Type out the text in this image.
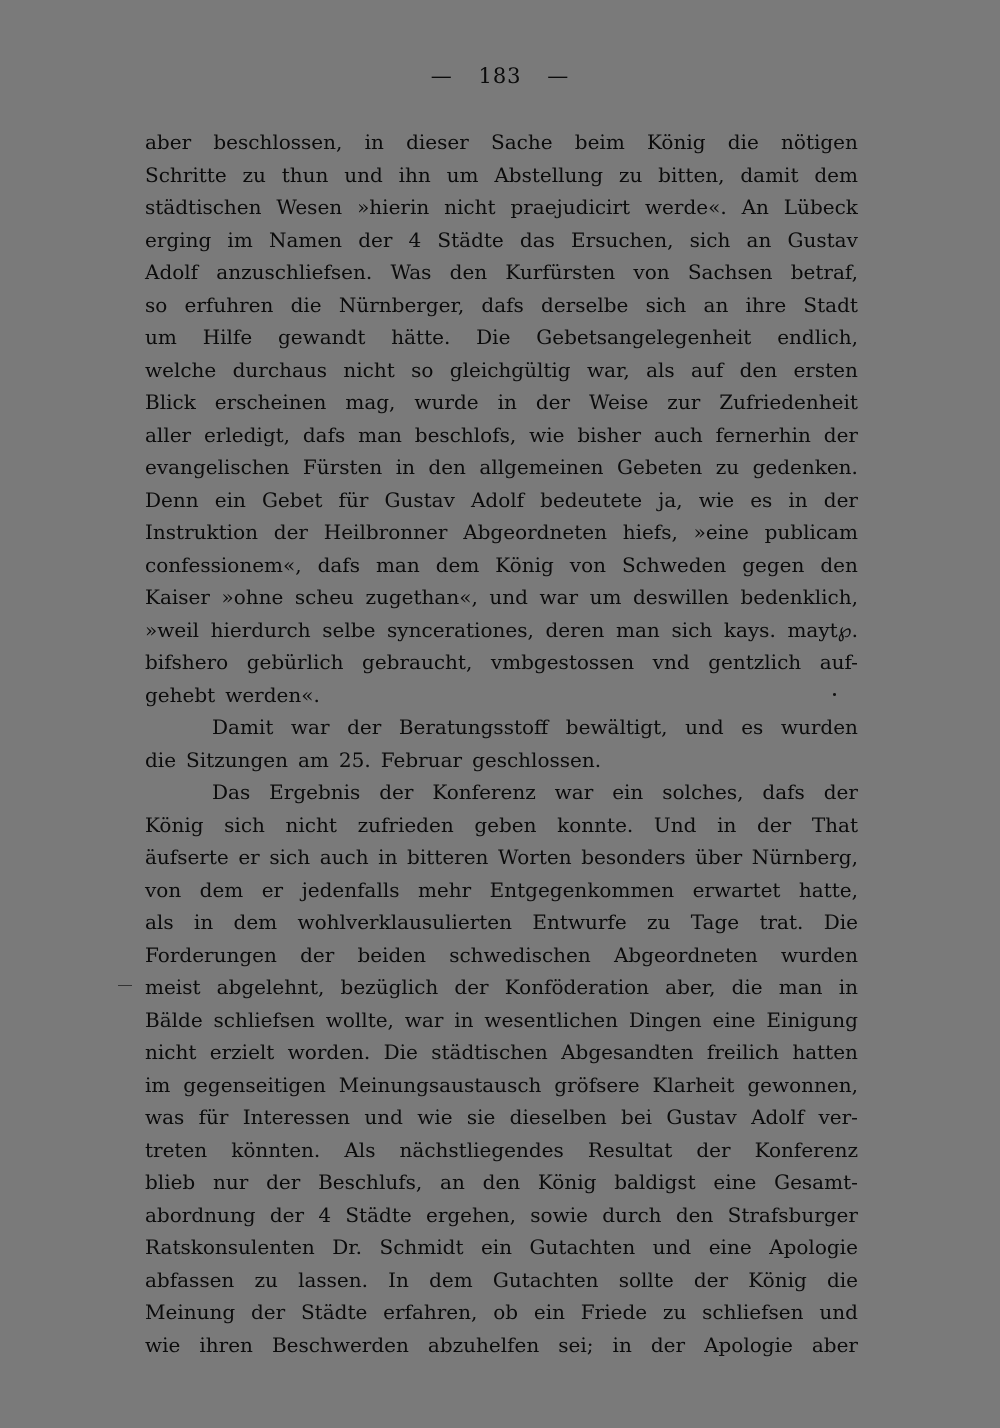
— 183 —
aber beschlossen, in dieser Sache beim König die nötigen
Schritte zu thun und ihn um Abstellung zu bitten, damit dem
städtischen Wesen »hierin nicht praejudicirt werde«. An Lübeck
erging im Namen der 4 Städte das Ersuchen, sich an Gustav
Adolf anzuschliefsen. Was den Kurfürsten von Sachsen betraf,
so erfuhren die Nürnberger, dafs derselbe sich an ihre Stadt
um Hilfe gewandt hätte. Die Gebetsangelegenheit endlich,
welche durchaus nicht so gleichgültig war, als auf den ersten
Blick erscheinen mag, wurde in der Weise zur Zufriedenheit
aller erledigt, dafs man beschlofs, wie bisher auch fernerhin der
evangelischen Fürsten in den allgemeinen Gebeten zu gedenken.
Denn ein Gebet für Gustav Adolf bedeutete ja, wie es in der
Instruktion der Heilbronner Abgeordneten hiefs, »eine publicam
confessionem«, dafs man dem König von Schweden gegen den
Kaiser »ohne scheu zugethan«, und war um deswillen bedenklich,
»weil hierdurch selbe syncerationes, deren man sich kays. mayt℘.
bifshero gebürlich gebraucht, vmbgestossen vnd gentzlich auf-
gehebt werden«.
Damit war der Beratungsstoff bewältigt, und es wurden
die Sitzungen am 25. Februar geschlossen.
Das Ergebnis der Konferenz war ein solches, dafs der
König sich nicht zufrieden geben konnte. Und in der That
äufserte er sich auch in bitteren Worten besonders über Nürnberg,
von dem er jedenfalls mehr Entgegenkommen erwartet hatte,
als in dem wohlverklausulierten Entwurfe zu Tage trat. Die
Forderungen der beiden schwedischen Abgeordneten wurden
meist abgelehnt, bezüglich der Konföderation aber, die man in
Bälde schliefsen wollte, war in wesentlichen Dingen eine Einigung
nicht erzielt worden. Die städtischen Abgesandten freilich hatten
im gegenseitigen Meinungsaustausch gröfsere Klarheit gewonnen,
was für Interessen und wie sie dieselben bei Gustav Adolf ver-
treten könnten. Als nächstliegendes Resultat der Konferenz
blieb nur der Beschlufs, an den König baldigst eine Gesamt-
abordnung der 4 Städte ergehen, sowie durch den Strafsburger
Ratskonsulenten Dr. Schmidt ein Gutachten und eine Apologie
abfassen zu lassen. In dem Gutachten sollte der König die
Meinung der Städte erfahren, ob ein Friede zu schliefsen und
wie ihren Beschwerden abzuhelfen sei; in der Apologie aber
